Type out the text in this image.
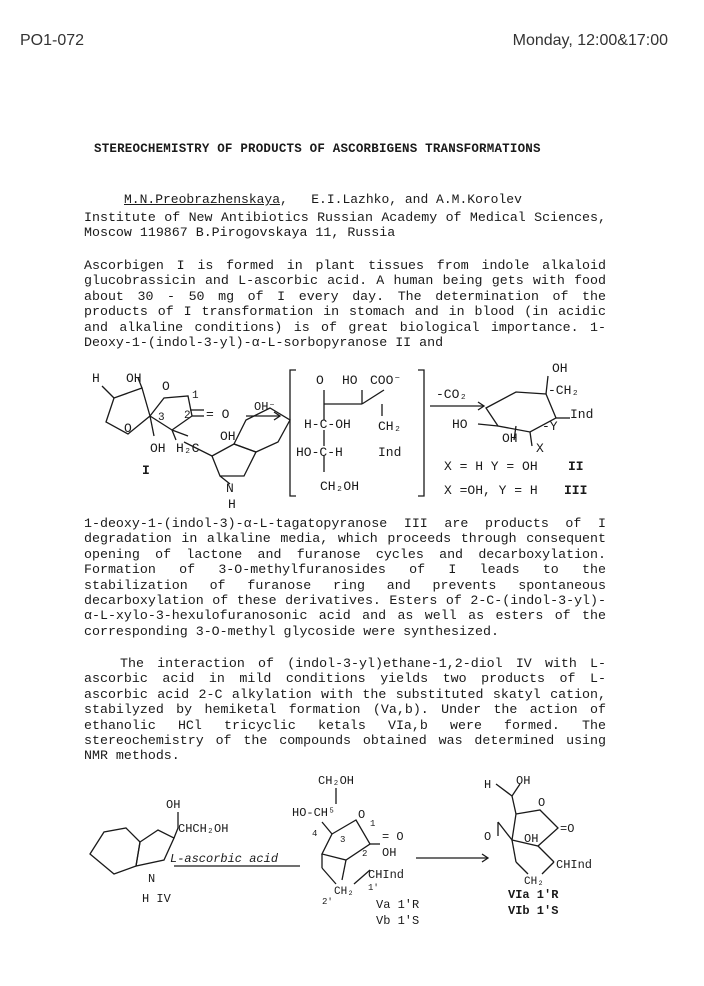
PO1-072	Monday, 12:00&17:00
STEREOCHEMISTRY OF PRODUCTS OF ASCORBIGENS TRANSFORMATIONS
M.N.Preobrazhenskaya,   E.I.Lazhko, and A.M.Korolev
Institute of New Antibiotics Russian Academy of Medical Sciences, Moscow 119867 B.Pirogovskaya 11, Russia
Ascorbigen I is formed in plant tissues from indole alkaloid glucobrassicin and L-ascorbic acid. A human being gets with food about 30 - 50 mg of I every day. The determination of the products of I transformation in stomach and in blood (in acidic and alkaline conditions) is of great biological importance. 1-Deoxy-1-(indol-3-yl)-α-L-sorbopyranose II and
H OH
O
1
2
3	= O
OH
OH H₂C
O
N
H
I
OH⁻
O HO COO⁻
CH₂
Ind
H-C-OH
HO-C-H
CH₂OH
-CO₂
OH
-CH₂
Ind
HO	-Y
OH
X
X = H Y = OH II
X =OH, Y = H III
1-deoxy-1-(indol-3)-α-L-tagatopyranose III are products of I degradation in alkaline media, which proceeds through consequent opening of lactone and furanose cycles and decarboxylation. Formation of 3-O-methylfuranosides of I leads to the stabilization of furanose ring and prevents spontaneous decarboxylation of these derivatives. Esters of 2-C-(indol-3-yl)-α-L-xylo-3-hexulofuranosonic acid and as well as esters of the corresponding 3-O-methyl glycoside were synthesized.
The interaction of (indol-3-yl)ethane-1,2-diol IV with L-ascorbic acid in mild conditions yields two products of L-ascorbic acid 2-C alkylation with the substituted skatyl cation, stabilyzed by hemiketal formation (Va,b). Under the action of ethanolic HCl tricyclic ketals VIa,b were formed. The stereochemistry of the compounds obtained was determined using NMR methods.
OH
CHCH₂OH
N
H IV
L-ascorbic acid
CH₂OH
HO-CH⁵
4
3
1
2
O
= O
OH
CHInd
CH₂ 1'
2'	Va 1'R
Vb 1'S
H OH
O
O	OH
=O
CHInd
CH₂
VIa 1'R
VIb 1'S
